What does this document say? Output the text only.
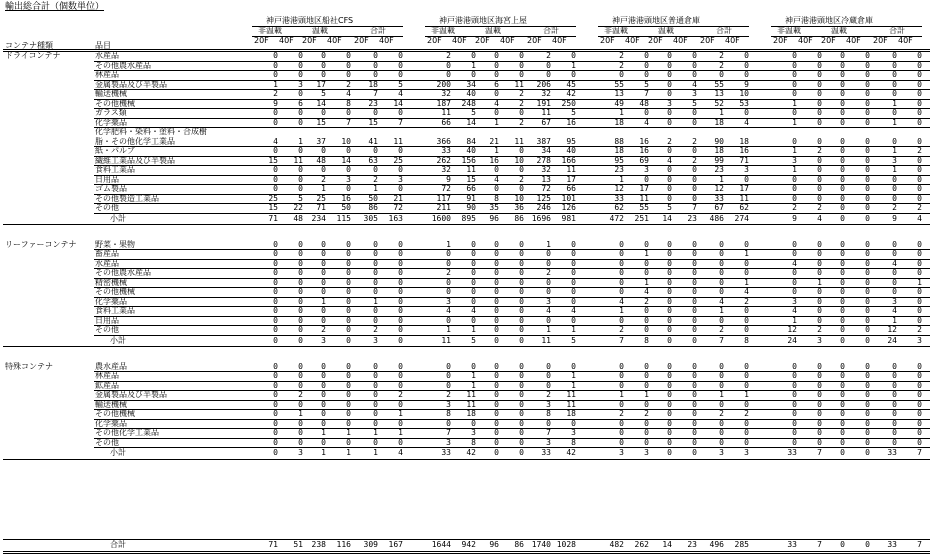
輸出総合計（個数単位）
コンテナ種類	品目
神戸港港頭地区船社CFS
非温載	温載	合計
20F 40F 20F 40F 20F 40F
神戸港港頭地区海宮上屋
非温載	温載	合計
20F 40F 20F 40F 20F 40F
神戸港港頭地区普通倉庫
非温載	温載	合計
20F 40F 20F 40F 20F 40F
神戸港港頭地区冷蔵倉庫
非温載	温載	合計
20F 40F 20F 40F 20F 40F
ドライコンテナ	水産品	0	0	0	0	0	0	2	0	0	0	2	0	2	0	0	0	2	0	0	0	0	0	0	0
その他農水産品	0	0	0	0	0	0	0	1	0	0	0	1	2	0	0	0	2	0	0	0	0	0	0	0
林産品	0	0	0	0	0	0	0	0	0	0	0	0	0	0	0	0	0	0	0	0	0	0	0	0
金属製品及び半製品	1	3	17	2	18	5	200	34	6	11	206	45	55	5	0	4	55	9	0	0	0	0	0	0
輸送機械	2	0	5	4	7	4	32	40	0	2	32	42	13	7	0	3	13	10	0	0	0	0	0	0
その他機械	9	6	14	8	23	14	187	248	4	2	191	250	49	48	3	5	52	53	1	0	0	0	1	0
ガラス類	0	0	0	0	0	0	11	5	0	0	11	5	1	0	0	0	1	0	0	0	0	0	0	0
化学薬品	0	0	15	7	15	7	66	14	1	2	67	16	18	4	0	0	18	4	1	0	0	0	1	0
化学肥料・染料・塗料・合成樹
脂・その他化学工業品	4	1	37	10	41	11	366	84	21	11	387	95	88	16	2	2	90	18	0	0	0	0	0	0
紙・パルプ	0	0	0	0	0	0	33	40	1	0	34	40	18	16	0	0	18	16	1	2	0	0	1	2
繊維工業品及び半製品	15	11	48	14	63	25	262	156	16	10	278	166	95	69	4	2	99	71	3	0	0	0	3	0
食料工業品	0	0	0	0	0	0	32	11	0	0	32	11	23	3	0	0	23	3	1	0	0	0	1	0
日用品	0	0	2	3	2	3	9	15	4	2	13	17	1	0	0	0	1	0	0	0	0	0	0	0
ゴム製品	0	0	1	0	1	0	72	66	0	0	72	66	12	17	0	0	12	17	0	0	0	0	0	0
その他製造工業品	25	5	25	16	50	21	117	91	8	10	125	101	33	11	0	0	33	11	0	0	0	0	0	0
その他	15	22	71	50	86	72	211	90	35	36	246	126	62	55	5	7	67	62	2	2	0	0	2	2
小計	71	48	234	115	305	163	1600	895	96	86 1696	981	472	251	14	23	486	274	9	4	0	0	9	4
リーファーコンテナ 野菜・果物	0	0	0	0	0	0	1	0	0	0	1	0	0	0	0	0	0	0	0	0	0	0	0	0
畜産品	0	0	0	0	0	0	0	0	0	0	0	0	0	1	0	0	0	1	0	0	0	0	0	0
水産品	0	0	0	0	0	0	0	0	0	0	0	0	0	0	0	0	0	0	4	0	0	0	4	0
その他農水産品	0	0	0	0	0	0	2	0	0	0	2	0	0	0	0	0	0	0	0	0	0	0	0	0
精密機械	0	0	0	0	0	0	0	0	0	0	0	0	0	1	0	0	0	1	0	1	0	0	0	1
その他機械	0	0	0	0	0	0	0	0	0	0	0	0	0	4	0	0	0	4	0	0	0	0	0	0
化学薬品	0	0	1	0	1	0	3	0	0	0	3	0	4	2	0	0	4	2	3	0	0	0	3	0
食料工業品	0	0	0	0	0	0	4	4	0	0	4	4	1	0	0	0	1	0	4	0	0	0	4	0
日用品	0	0	0	0	0	0	0	0	0	0	0	0	0	0	0	0	0	0	1	0	0	0	1	0
その他	0	0	2	0	2	0	1	1	0	0	1	1	2	0	0	0	2	0	12	2	0	0	12	2
小計	0	0	3	0	3	0	11	5	0	0	11	5	7	8	0	0	7	8	24	3	0	0	24	3
特殊コンテナ	農水産品	0	0	0	0	0	0	0	0	0	0	0	0	0	0	0	0	0	0	0	0	0	0	0	0
林産品	0	0	0	0	0	0	0	1	0	0	0	1	0	0	0	0	0	0	0	0	0	0	0	0
鉱産品	0	0	0	0	0	0	0	1	0	0	0	1	0	0	0	0	0	0	0	0	0	0	0	0
金属製品及び半製品	0	2	0	0	0	2	2	11	0	0	2	11	1	1	0	0	1	1	0	0	0	0	0	0
輸送機械	0	0	0	0	0	0	3	11	0	0	3	11	0	0	0	0	0	0	0	0	0	0	0	0
その他機械	0	1	0	0	0	1	8	18	0	0	8	18	2	2	0	0	2	2	0	0	0	0	0	0
化学薬品	0	0	0	0	0	0	0	0	0	0	0	0	0	0	0	0	0	0	0	0	0	0	0	0
その他化学工業品	0	0	1	1	1	1	7	3	0	0	7	3	0	0	0	0	0	0	0	0	0	0	0	0
その他	0	0	0	0	0	0	3	8	0	0	3	8	0	0	0	0	0	0	0	0	0	0	0	0
小計	0	3	1	1	1	4	33	42	0	0	33	42	3	3	0	0	3	3	33	7	0	0	33	7
合計	71	51	238	116	309	167	1644	942	96	86 1740 1028	482	262	14	23	496	285	33	7	0	0	33	7
